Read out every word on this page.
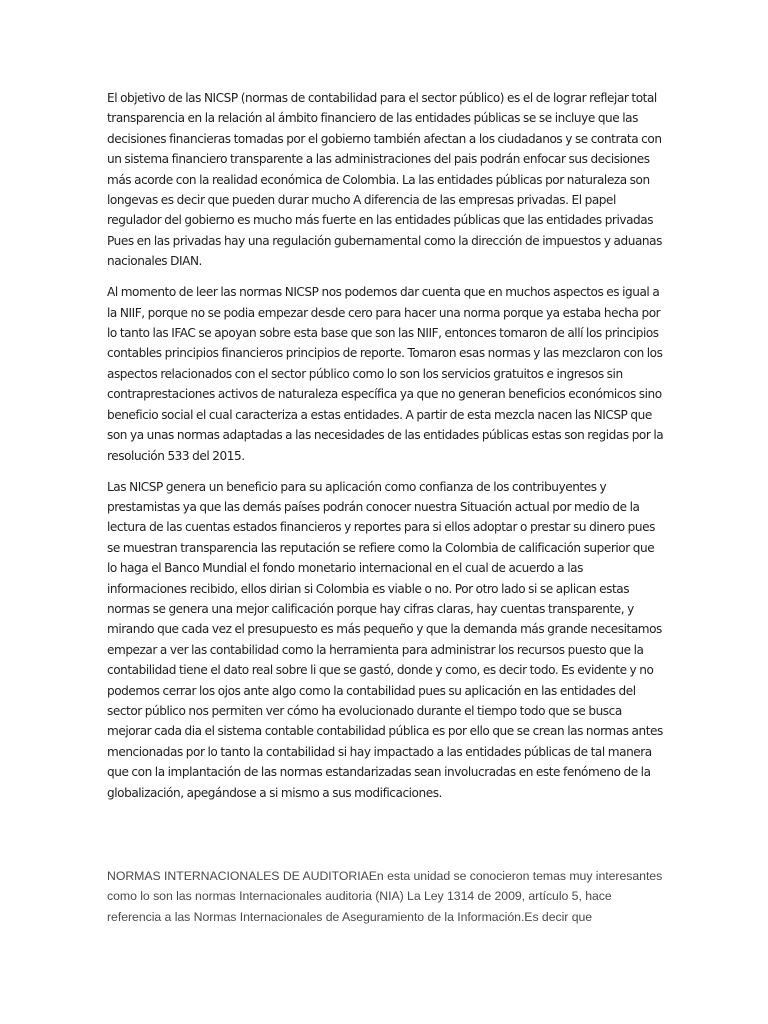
El objetivo de las NICSP (normas de contabilidad para el sector público) es el de lograr reflejar total transparencia en la relación al ámbito financiero de las entidades públicas se se incluye que las decisiones financieras tomadas por el gobierno también afectan a los ciudadanos y se contrata con un sistema financiero transparente a las administraciones del pais podrán enfocar sus decisiones más acorde con la realidad económica de Colombia. La las entidades públicas por naturaleza son longevas es decir que pueden durar mucho A diferencia de las empresas privadas. El papel regulador del gobierno es mucho más fuerte en las entidades públicas que las entidades privadas Pues en las privadas hay una regulación gubernamental como la dirección de impuestos y aduanas nacionales DIAN.

Al momento de leer las normas NICSP nos podemos dar cuenta que en muchos aspectos es igual a la NIIF, porque no se podia empezar desde cero para hacer una norma porque ya estaba hecha por lo tanto las IFAC se apoyan sobre esta base que son las NIIF, entonces tomaron de allí los principios contables principios financieros principios de reporte. Tomaron esas normas y las mezclaron con los aspectos relacionados con el sector público como lo son los servicios gratuitos e ingresos sin contraprestaciones activos de naturaleza específica ya que no generan beneficios económicos sino beneficio social el cual caracteriza a estas entidades. A partir de esta mezcla nacen las NICSP que son ya unas normas adaptadas a las necesidades de las entidades públicas estas son regidas por la resolución 533 del 2015.

Las NICSP genera un beneficio para su aplicación como confianza de los contribuyentes y prestamistas ya que las demás países podrán conocer nuestra Situación actual por medio de la lectura de las cuentas estados financieros y reportes para si ellos adoptar o prestar su dinero pues se muestran transparencia las reputación se refiere como la Colombia de calificación superior que lo haga el Banco Mundial el fondo monetario internacional en el cual de acuerdo a las informaciones recibido, ellos dirian si Colombia es viable o no. Por otro lado si se aplican estas normas se genera una mejor calificación porque hay cifras claras, hay cuentas transparente, y mirando que cada vez el presupuesto es más pequeño y que la demanda más grande necesitamos empezar a ver las contabilidad como la herramienta para administrar los recursos puesto que la contabilidad tiene el dato real sobre li que se gastó, donde y como, es decir todo. Es evidente y no podemos cerrar los ojos ante algo como la contabilidad pues su aplicación en las entidades del sector público nos permiten ver cómo ha evolucionado durante el tiempo todo que se busca mejorar cada dia el sistema contable contabilidad pública es por ello que se crean las normas antes mencionadas por lo tanto la contabilidad si hay impactado a las entidades públicas de tal manera que con la implantación de las normas estandarizadas sean involucradas en este fenómeno de la globalización, apegándose a si mismo a sus modificaciones.

NORMAS INTERNACIONALES DE AUDITORIAEn esta unidad se conocieron temas muy interesantes como lo son las normas Internacionales auditoria (NIA) La Ley 1314 de 2009, artículo 5, hace referencia a las Normas Internacionales de Aseguramiento de la Información.Es decir que
